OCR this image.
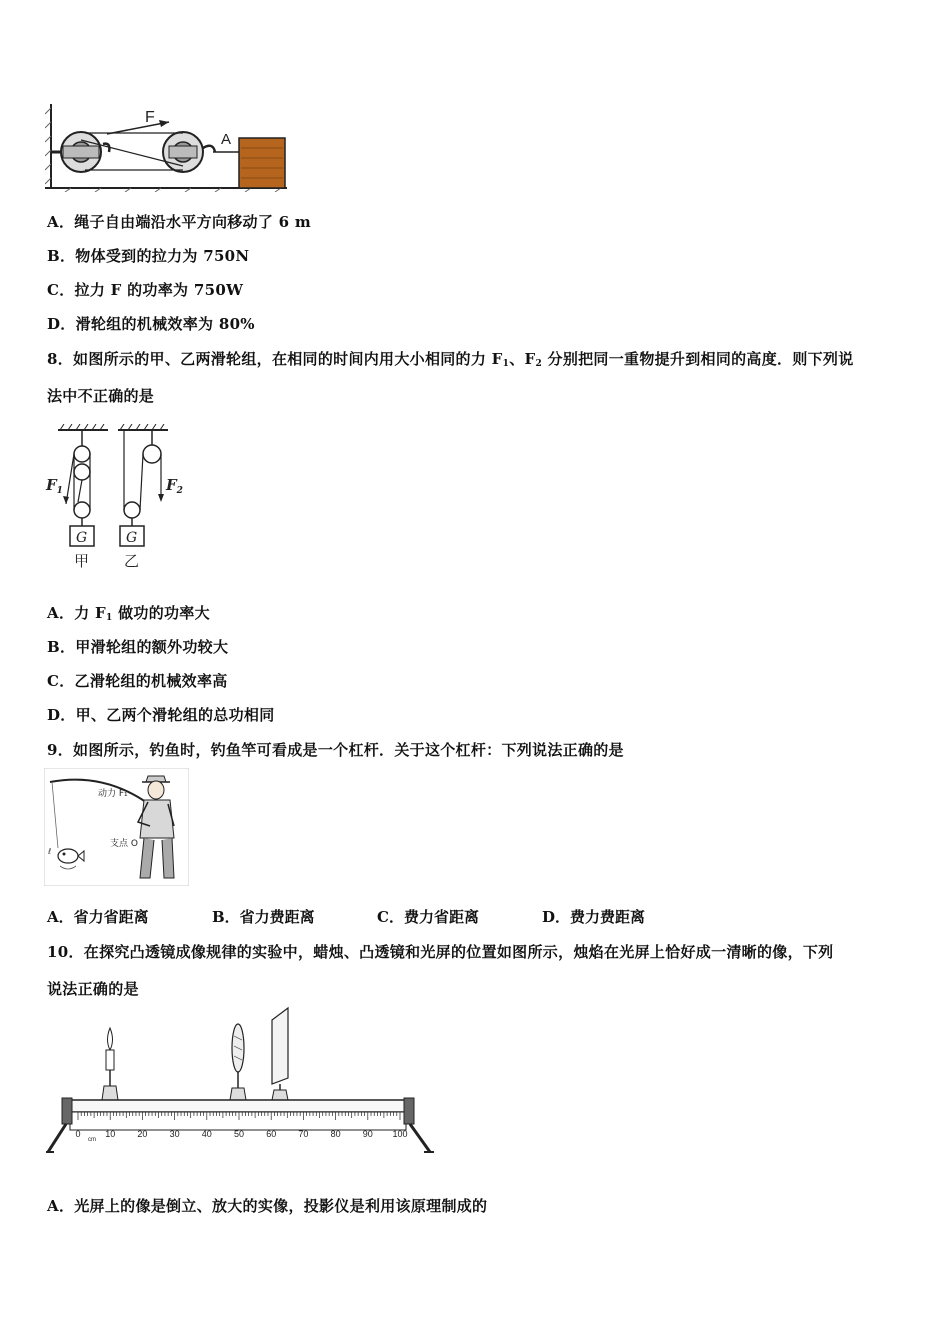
F
A
A．绳子自由端沿水平方向移动了 6 m
B．物体受到的拉力为 750N
C．拉力 F 的功率为 750W
D．滑轮组的机械效率为 80%
8．如图所示的甲、乙两滑轮组，在相同的时间内用大小相同的力 $F_1$、$F_2$ 分别把同一重物提升到相同的高度．则下列说
法中不正确的是
$F_1$
G
甲
$F_2$
G
乙
A．力 $F_1$ 做功的功率大
B．甲滑轮组的额外功较大
C．乙滑轮组的机械效率高
D．甲、乙两个滑轮组的总功相同
9．如图所示，钓鱼时，钓鱼竿可看成是一个杠杆．关于这个杠杆：下列说法正确的是
ℓ
动力 F₁
支点 O
A．省力省距离	B．省力费距离	C．费力省距离	D．费力费距离
10．在探究凸透镜成像规律的实验中，蜡烛、凸透镜和光屏的位置如图所示，烛焰在光屏上恰好成一清晰的像，下列
说法正确的是
0	10 20 30 40 50 60 70 80 90 100
cm
A．光屏上的像是倒立、放大的实像，投影仪是利用该原理制成的
